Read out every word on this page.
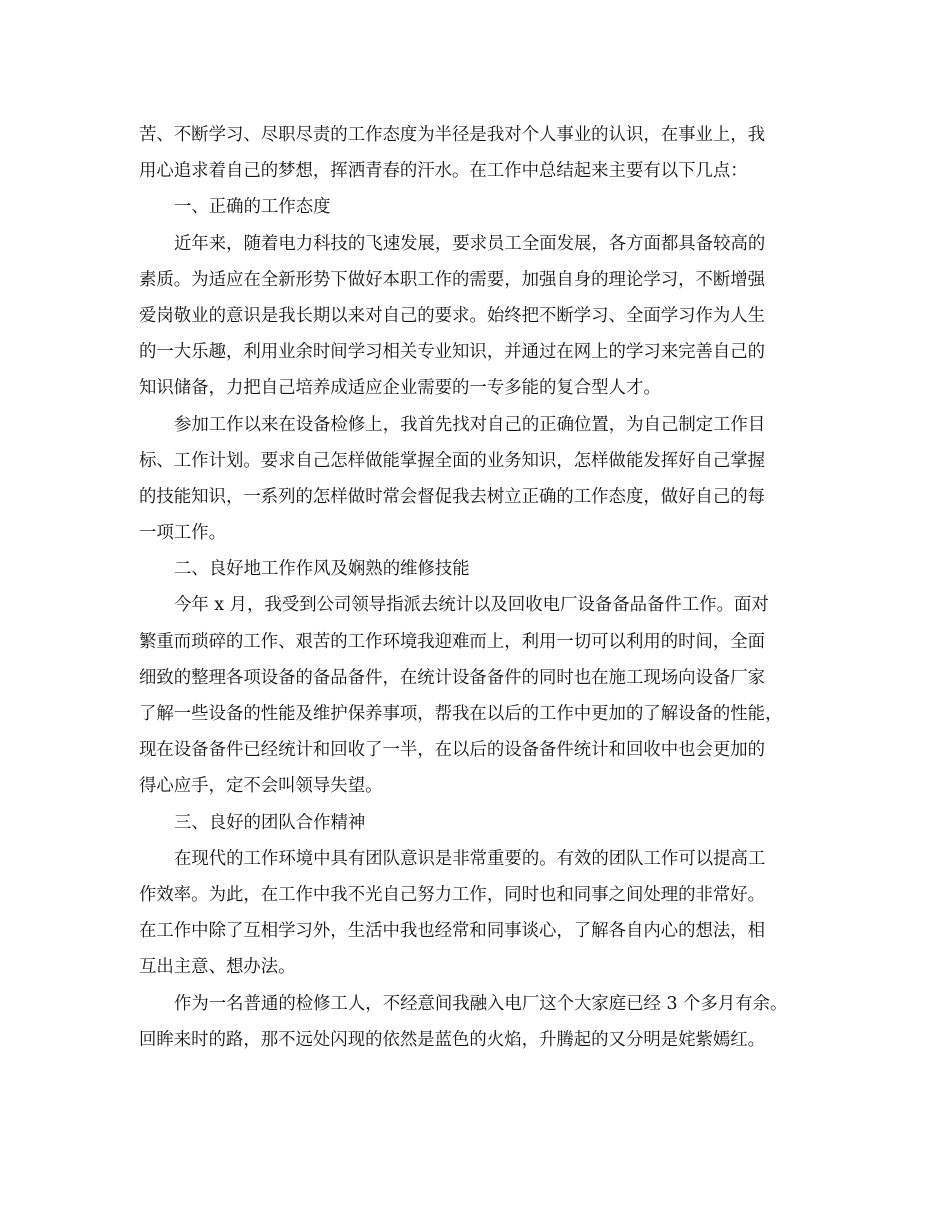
苦、不断学习、尽职尽责的工作态度为半径是我对个人事业的认识，在事业上，我
用心追求着自己的梦想，挥洒青春的汗水。在工作中总结起来主要有以下几点：
一、正确的工作态度
近年来，随着电力科技的飞速发展，要求员工全面发展，各方面都具备较高的
素质。为适应在全新形势下做好本职工作的需要，加强自身的理论学习，不断增强
爱岗敬业的意识是我长期以来对自己的要求。始终把不断学习、全面学习作为人生
的一大乐趣，利用业余时间学习相关专业知识，并通过在网上的学习来完善自己的
知识储备，力把自己培养成适应企业需要的一专多能的复合型人才。
参加工作以来在设备检修上，我首先找对自己的正确位置，为自己制定工作目
标、工作计划。要求自己怎样做能掌握全面的业务知识，怎样做能发挥好自己掌握
的技能知识，一系列的怎样做时常会督促我去树立正确的工作态度，做好自己的每
一项工作。
二、良好地工作作风及娴熟的维修技能
今年 x 月，我受到公司领导指派去统计以及回收电厂设备备品备件工作。面对
繁重而琐碎的工作、艰苦的工作环境我迎难而上，利用一切可以利用的时间，全面
细致的整理各项设备的备品备件，在统计设备备件的同时也在施工现场向设备厂家
了解一些设备的性能及维护保养事项，帮我在以后的工作中更加的了解设备的性能，
现在设备备件已经统计和回收了一半，在以后的设备备件统计和回收中也会更加的
得心应手，定不会叫领导失望。
三、良好的团队合作精神
在现代的工作环境中具有团队意识是非常重要的。有效的团队工作可以提高工
作效率。为此，在工作中我不光自己努力工作，同时也和同事之间处理的非常好。
在工作中除了互相学习外，生活中我也经常和同事谈心，了解各自内心的想法，相
互出主意、想办法。
作为一名普通的检修工人，不经意间我融入电厂这个大家庭已经 3 个多月有余。
回眸来时的路，那不远处闪现的依然是蓝色的火焰，升腾起的又分明是姹紫嫣红。
